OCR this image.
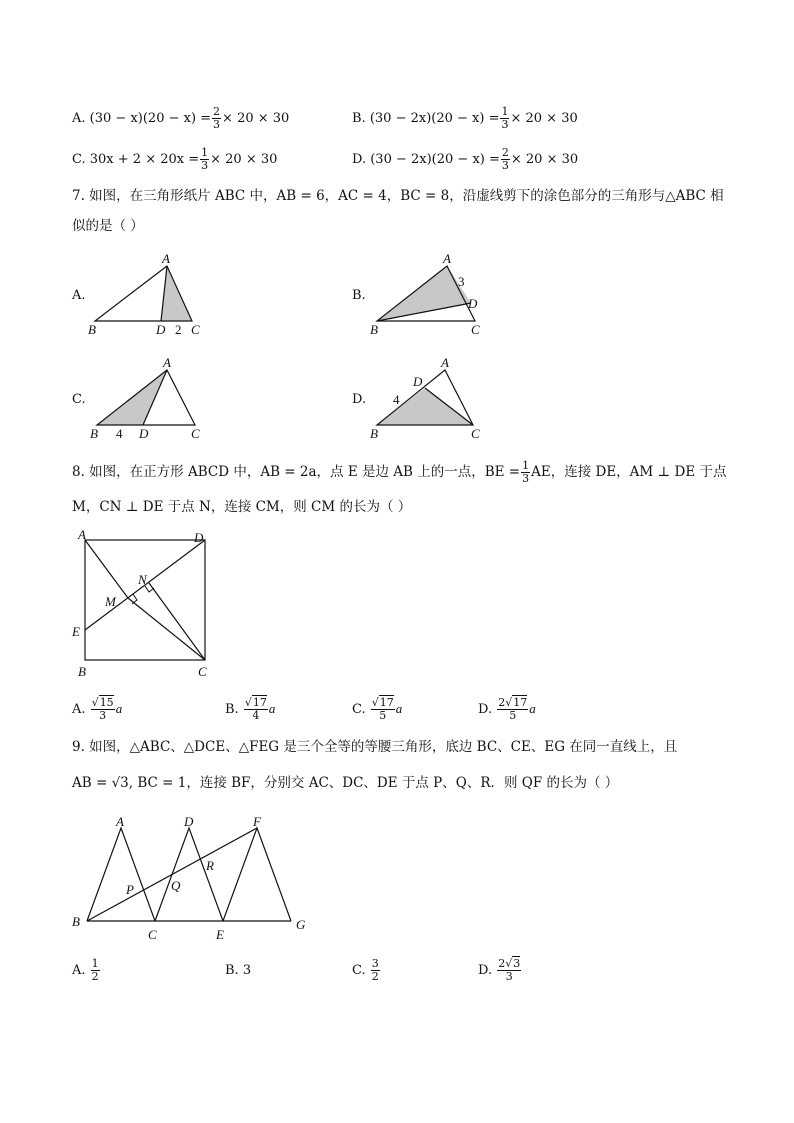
A. $(30 - x)(20 - x) = \frac{2}{3} \times 20 \times 30$	B. $(30 - 2x)(20 - x) = \frac{1}{3} \times 20 \times 30$
C. $30x + 2 \times 20x = \frac{1}{3} \times 20 \times 30$	D. $(30 - 2x)(20 - x) = \frac{2}{3} \times 20 \times 30$
7. 如图，在三角形纸片 ABC 中，AB = 6，AC = 4，BC = 8，沿虚线剪下的涂色部分的三角形与△ABC 相
似的是（ ）
A.
A
B	D 2 C
B.
A
3
D
B	C
C.
A
B 4 D	C
D.
A
D
4
B	C
8. 如图，在正方形 ABCD 中，AB = 2a，点 E 是边 AB 上的一点，BE = $\frac{1}{3}$ AE，连接 DE，AM ⊥ DE 于点
M，CN ⊥ DE 于点 N，连接 CM，则 CM 的长为（ ）
A	D
E
B	C
M
N
A. $\frac{√15}{3}$ a	B. $\frac{√17}{4}$ a	C. $\frac{√17}{5}$ a	D. $\frac{2√17}{5}$ a
9. 如图，△ABC、△DCE、△FEG 是三个全等的等腰三角形，底边 BC、CE、EG 在同一直线上，且
AB = √3, BC = 1，连接 BF，分别交 AC、DC、DE 于点 P、Q、R．则 QF 的长为（ ）
A	D	F
P	Q
R
B
C	E
G
A. $\frac{1}{2}$	B. 3	C. $\frac{3}{2}$	D. $\frac{2√3}{3}$
